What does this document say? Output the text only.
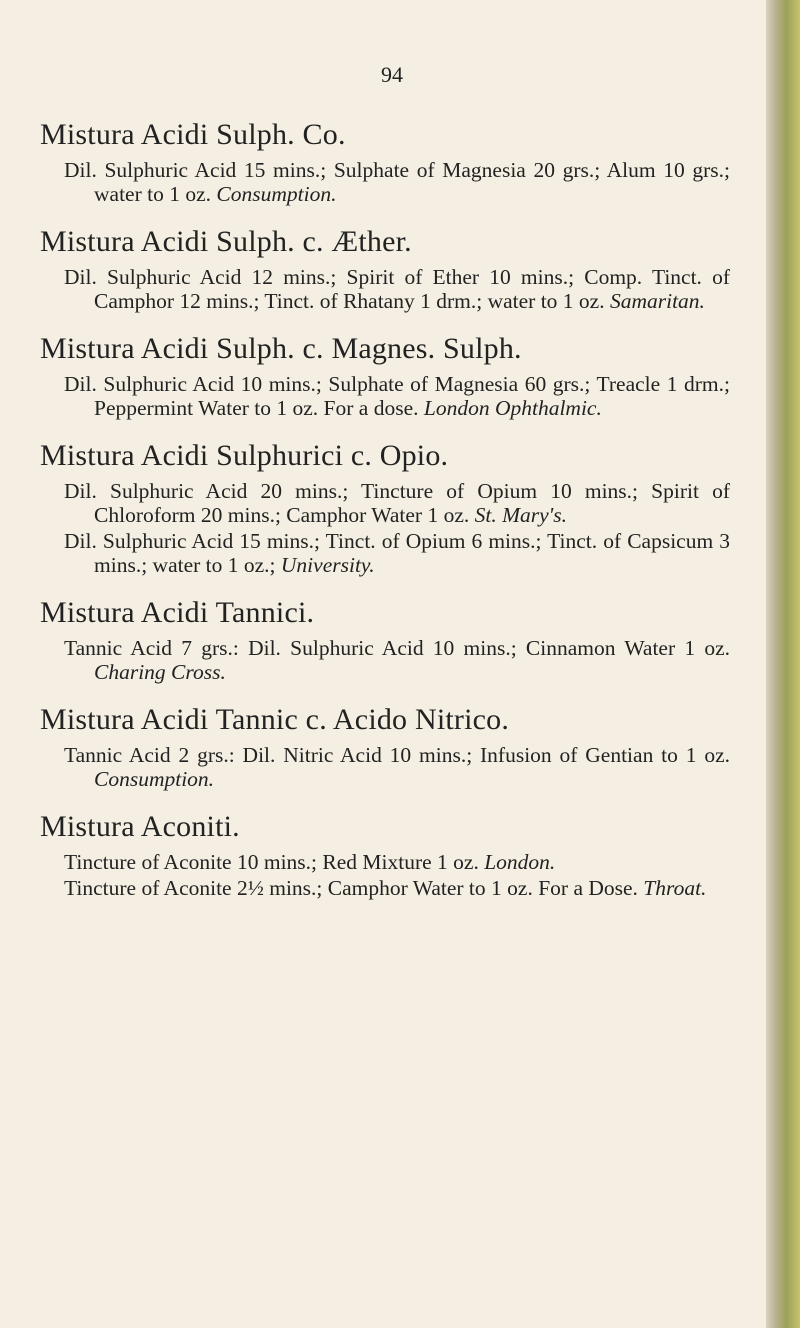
94
Mistura Acidi Sulph. Co.

Dil. Sulphuric Acid 15 mins.; Sulphate of Magnesia 20 grs.; Alum 10 grs.; water to 1 oz. Consumption.

Mistura Acidi Sulph. c. Æther.

Dil. Sulphuric Acid 12 mins.; Spirit of Ether 10 mins.; Comp. Tinct. of Camphor 12 mins.; Tinct. of Rhatany 1 drm.; water to 1 oz. Samaritan.

Mistura Acidi Sulph. c. Magnes. Sulph.

Dil. Sulphuric Acid 10 mins.; Sulphate of Magnesia 60 grs.; Treacle 1 drm.; Peppermint Water to 1 oz. For a dose. London Ophthalmic.

Mistura Acidi Sulphurici c. Opio.

Dil. Sulphuric Acid 20 mins.; Tincture of Opium 10 mins.; Spirit of Chloroform 20 mins.; Camphor Water 1 oz. St. Mary's.

Dil. Sulphuric Acid 15 mins.; Tinct. of Opium 6 mins.; Tinct. of Capsicum 3 mins.; water to 1 oz.; University.

Mistura Acidi Tannici.

Tannic Acid 7 grs.: Dil. Sulphuric Acid 10 mins.; Cinnamon Water 1 oz. Charing Cross.

Mistura Acidi Tannic c. Acido Nitrico.

Tannic Acid 2 grs.: Dil. Nitric Acid 10 mins.; Infusion of Gentian to 1 oz. Consumption.

Mistura Aconiti.

Tincture of Aconite 10 mins.; Red Mixture 1 oz. London.

Tincture of Aconite 2½ mins.; Camphor Water to 1 oz. For a Dose. Throat.
